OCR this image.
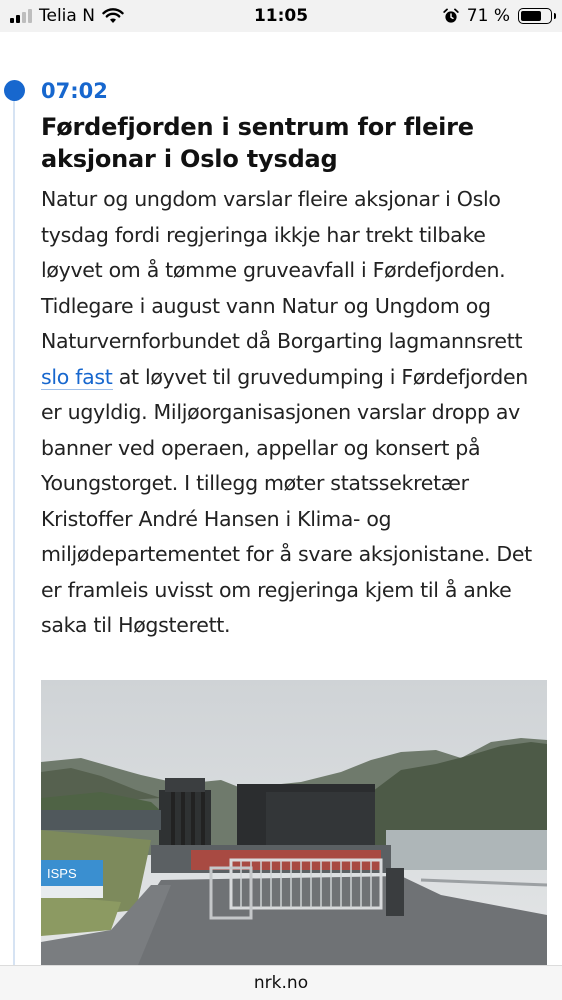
Telia N	11:05	71 %
07:02
Førdefjorden i sentrum for fleire aksjonar i Oslo tysdag

Natur og ungdom varslar fleire aksjonar i Oslo tysdag fordi regjeringa ikkje har trekt tilbake løyvet om å tømme gruveavfall i Førdefjorden. Tidlegare i august vann Natur og Ungdom og Naturvernforbundet då Borgarting lagmannsrett slo fast at løyvet til gruvedumping i Førdefjorden er ugyldig. Miljøorganisasjonen varslar dropp av banner ved operaen, appellar og konsert på Youngstorget. I tillegg møter statssekretær Kristoffer André Hansen i Klima- og miljødepartementet for å svare aksjonistane. Det er framleis uvisst om regjeringa kjem til å anke saka til Høgsterett.

ISPS
nrk.no
